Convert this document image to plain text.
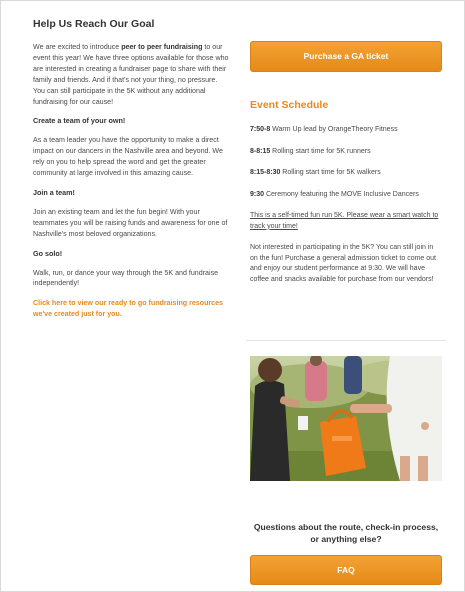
Help Us Reach Our Goal

We are excited to introduce peer to peer fundraising to our event this year! We have three options available for those who are interested in creating a fundraiser page to share with their family and friends. And if that's not your thing, no pressure. You can still participate in the 5K without any additional fundraising for our cause!

Create a team of your own!

As a team leader you have the opportunity to make a direct impact on our dancers in the Nashville area and beyond. We rely on you to help spread the word and get the greater community at large involved in this amazing cause.

Join a team!

Join an existing team and let the fun begin! With your teammates you will be raising funds and awareness for one of Nashville's most beloved organizations.

Go solo!

Walk, run, or dance your way through the 5K and fundraise independently!

Click here to view our ready to go fundraising resources we've created just for you.

Purchase a GA ticket
Event Schedule

7:50-8 Warm Up lead by OrangeTheory Fitness

8-8:15 Rolling start time for 5K runners

8:15-8:30 Rolling start time for 5K walkers

9:30 Ceremony featuring the MOVE Inclusive Dancers

This is a self-timed fun run 5K. Please wear a smart watch to track your time!
Not interested in participating in the 5K? You can still join in on the fun! Purchase a general admission ticket to come out and enjoy our student performance at 9:30. We will have coffee and snacks available for purchase from our vendors!
Questions about the route, check-in process, or anything else?
FAQ
